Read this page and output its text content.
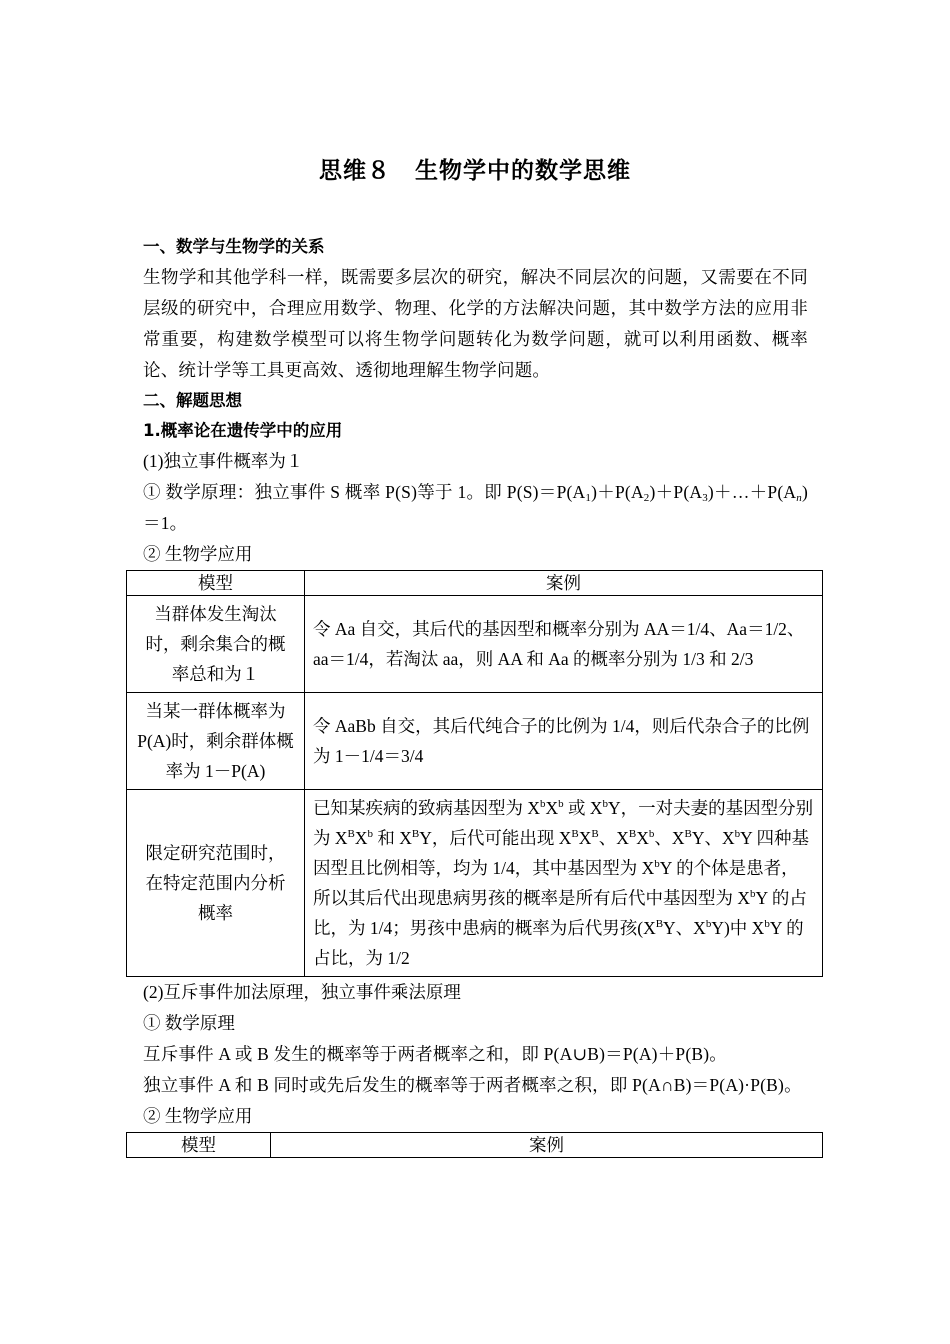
思维８　生物学中的数学思维
一、数学与生物学的关系
生物学和其他学科一样，既需要多层次的研究，解决不同层次的问题，又需要在不同层级的研究中，合理应用数学、物理、化学的方法解决问题，其中数学方法的应用非常重要，构建数学模型可以将生物学问题转化为数学问题，就可以利用函数、概率论、统计学等工具更高效、透彻地理解生物学问题。
二、解题思想
1.概率论在遗传学中的应用
(1)独立事件概率为１
① 数学原理：独立事件 S 概率 P(S)等于 1。即 $P(S)=P(A_1)+P(A_2)+P(A_3)+\dots+P(A_n)=1$。
② 生物学应用
模型	案例
当群体发生淘汰时，剩余集合的概率总和为１	令 Aa 自交，其后代的基因型和概率分别为 AA＝1/4、Aa＝1/2、aa＝1/4，若淘汰 aa，则 AA 和 Aa 的概率分别为 1/3 和 2/3
当某一群体概率为 P(A)时，剩余群体概率为 1－P(A)	令 AaBb 自交，其后代纯合子的比例为 1/4，则后代杂合子的比例为 1－1/4＝3/4
限定研究范围时，在特定范围内分析概率	已知某疾病的致病基因型为 $X^bX^b$ 或 $X^bY$，一对夫妻的基因型分别为 $X^BX^b$ 和 $X^BY$，后代可能出现 $X^BX^B$、$X^BX^b$、$X^BY$、$X^bY$ 四种基因型且比例相等，均为 1/4，其中基因型为 $X^bY$ 的个体是患者，所以其后代出现患病男孩的概率是所有后代中基因型为 $X^bY$ 的占比，为 1/4；男孩中患病的概率为后代男孩($X^BY$、$X^bY$)中 $X^bY$ 的占比，为 1/2
(2)互斥事件加法原理，独立事件乘法原理
① 数学原理
互斥事件 A 或 B 发生的概率等于两者概率之和，即 P(A∪B)＝P(A)＋P(B)。
独立事件 A 和 B 同时或先后发生的概率等于两者概率之积，即 P(A∩B)＝P(A)·P(B)。
② 生物学应用
模型	案例
